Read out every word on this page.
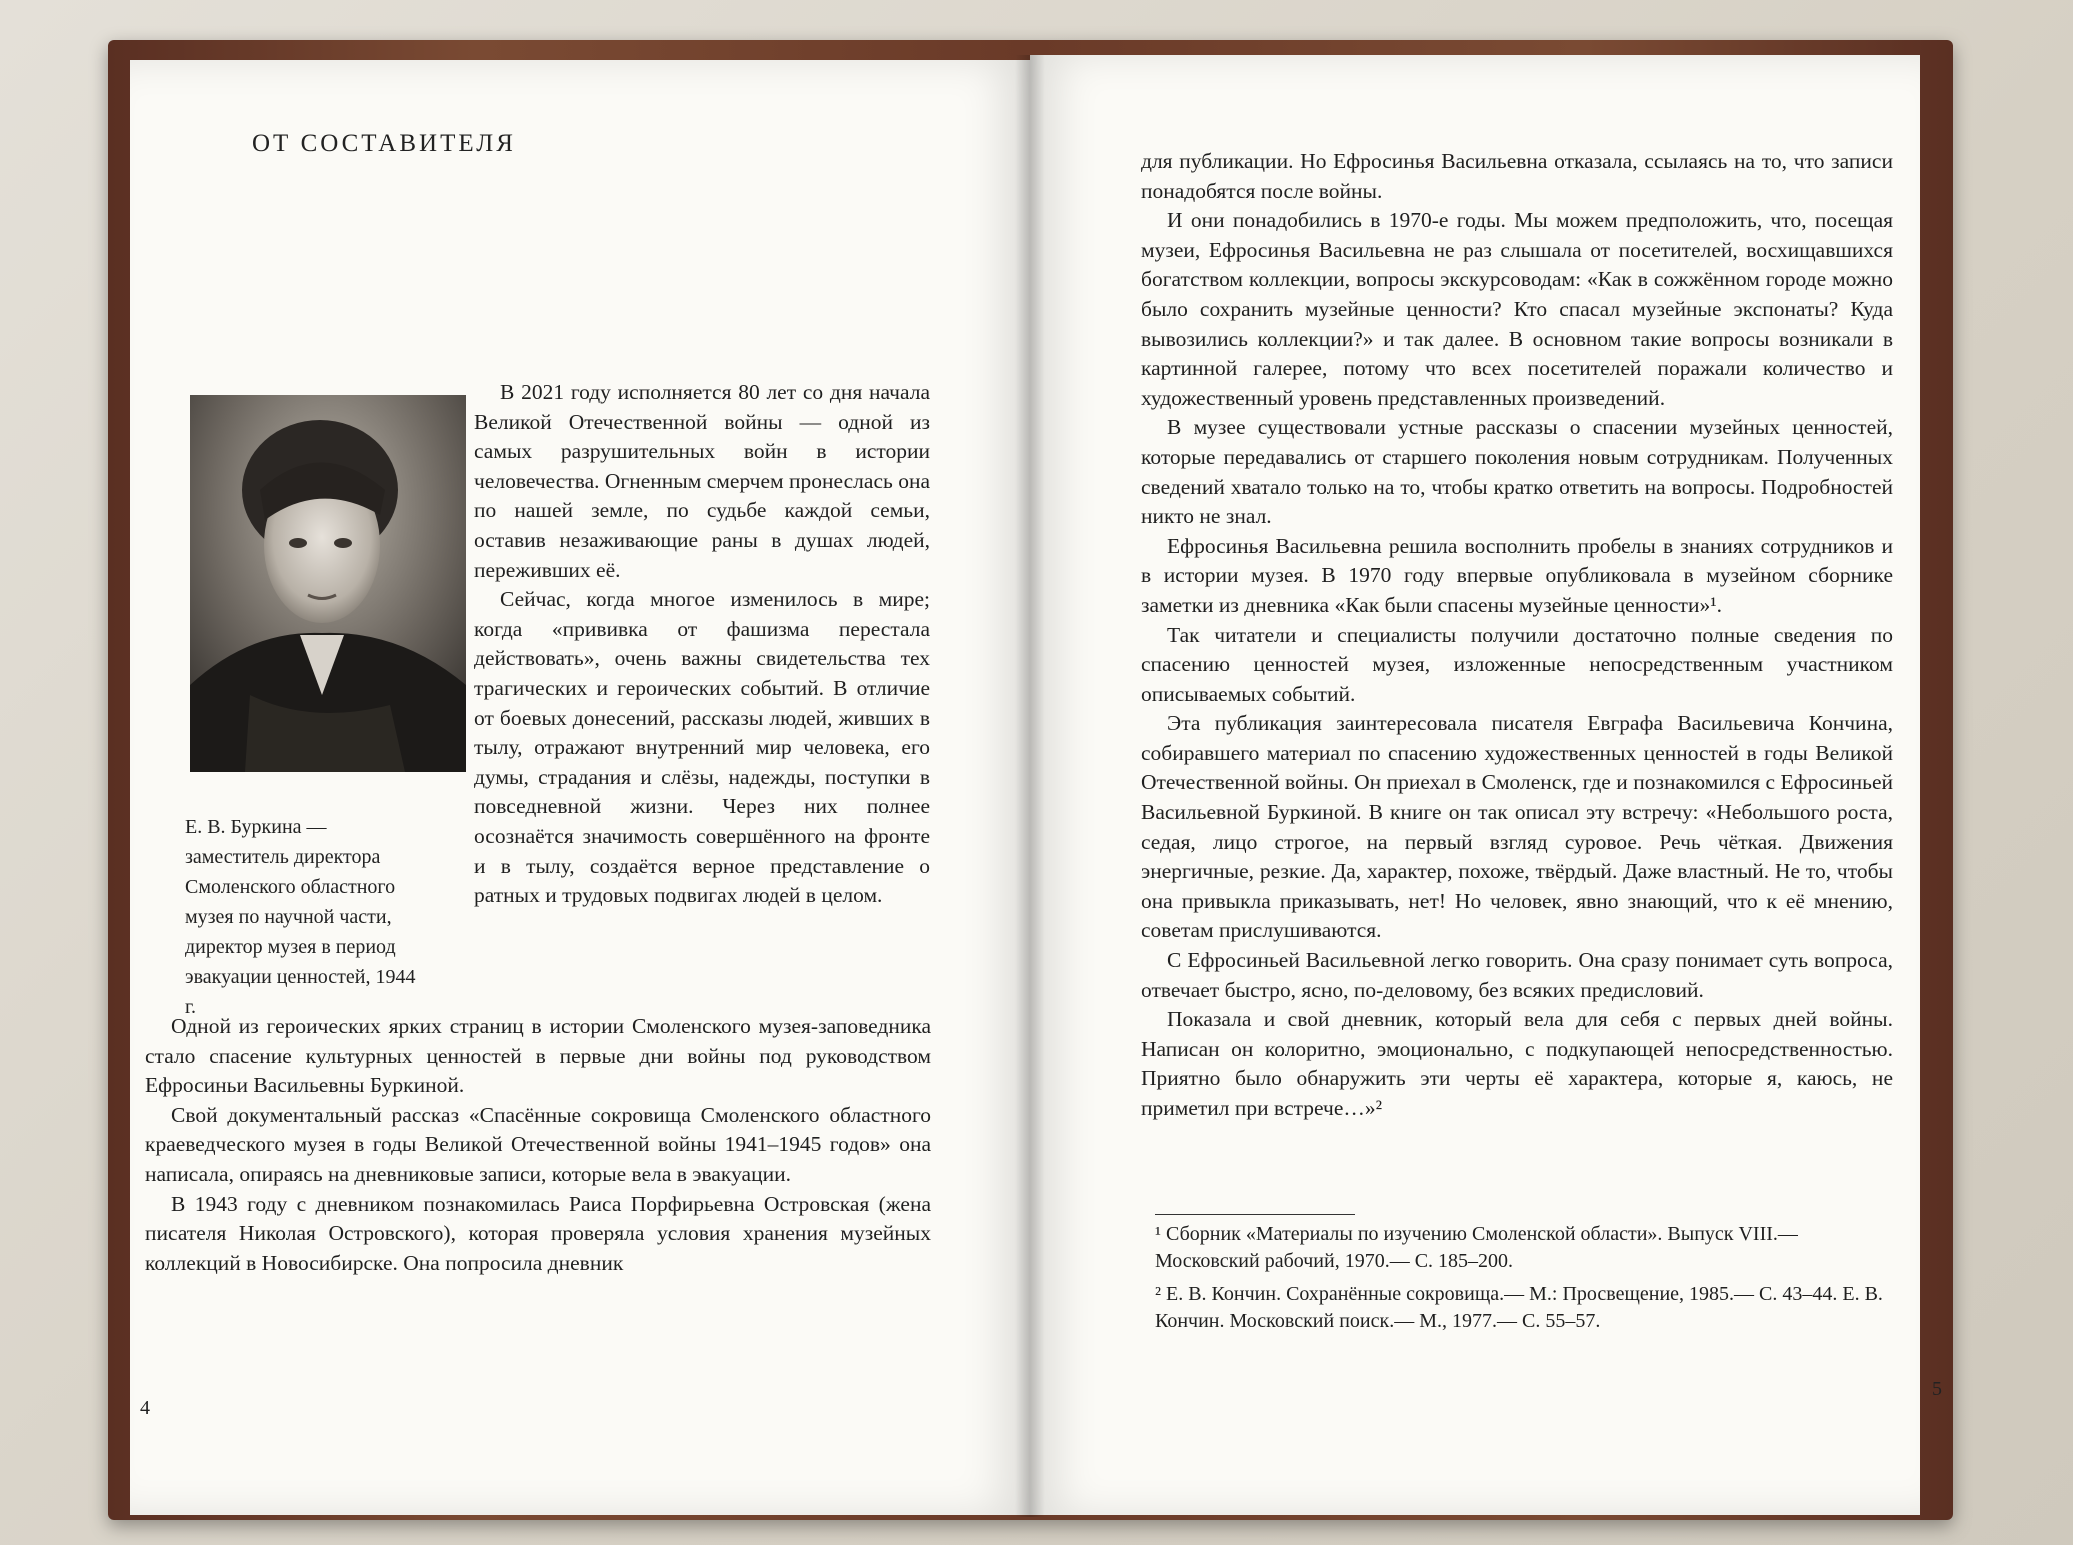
ОТ СОСТАВИТЕЛЯ
Е. В. Буркина — заместитель директора Смоленского областного музея по научной части, директор музея в период эвакуации ценностей, 1944 г.

В 2021 году исполняется 80 лет со дня начала Великой Отечественной войны — одной из самых разрушительных войн в истории человечества. Огненным смерчем пронеслась она по нашей земле, по судьбе каждой семьи, оставив незаживающие раны в душах людей, переживших её.

Сейчас, когда многое изменилось в мире; когда «прививка от фашизма перестала действовать», очень важны свидетельства тех трагических и героических событий. В отличие от боевых донесений, рассказы людей, живших в тылу, отражают внутренний мир человека, его думы, страдания и слёзы, надежды, поступки в повседневной жизни. Через них полнее осознаётся значимость совершённого на фронте и в тылу, создаётся верное представление о ратных и трудовых подвигах людей в целом.

Одной из героических ярких страниц в истории Смоленского музея-заповедника стало спасение культурных ценностей в первые дни войны под руководством Ефросиньи Васильевны Буркиной.

Свой документальный рассказ «Спасённые сокровища Смоленского областного краеведческого музея в годы Великой Отечественной войны 1941–1945 годов» она написала, опираясь на дневниковые записи, которые вела в эвакуации.

В 1943 году с дневником познакомилась Раиса Порфирьевна Островская (жена писателя Николая Островского), которая проверяла условия хранения музейных коллекций в Новосибирске. Она попросила дневник

4

для публикации. Но Ефросинья Васильевна отказала, ссылаясь на то, что записи понадобятся после войны.

И они понадобились в 1970-е годы. Мы можем предположить, что, посещая музеи, Ефросинья Васильевна не раз слышала от посетителей, восхищавшихся богатством коллекции, вопросы экскурсоводам: «Как в сожжённом городе можно было сохранить музейные ценности? Кто спасал музейные экспонаты? Куда вывозились коллекции?» и так далее. В основном такие вопросы возникали в картинной галерее, потому что всех посетителей поражали количество и художественный уровень представленных произведений.

В музее существовали устные рассказы о спасении музейных ценностей, которые передавались от старшего поколения новым сотрудникам. Полученных сведений хватало только на то, чтобы кратко ответить на вопросы. Подробностей никто не знал.

Ефросинья Васильевна решила восполнить пробелы в знаниях сотрудников и в истории музея. В 1970 году впервые опубликовала в музейном сборнике заметки из дневника «Как были спасены музейные ценности»¹.

Так читатели и специалисты получили достаточно полные сведения по спасению ценностей музея, изложенные непосредственным участником описываемых событий.

Эта публикация заинтересовала писателя Евграфа Васильевича Кончина, собиравшего материал по спасению художественных ценностей в годы Великой Отечественной войны. Он приехал в Смоленск, где и познакомился с Ефросиньей Васильевной Буркиной. В книге он так описал эту встречу: «Небольшого роста, седая, лицо строгое, на первый взгляд суровое. Речь чёткая. Движения энергичные, резкие. Да, характер, похоже, твёрдый. Даже властный. Не то, чтобы она привыкла приказывать, нет! Но человек, явно знающий, что к её мнению, советам прислушиваются.

С Ефросиньей Васильевной легко говорить. Она сразу понимает суть вопроса, отвечает быстро, ясно, по-деловому, без всяких предисловий.

Показала и свой дневник, который вела для себя с первых дней войны. Написан он колоритно, эмоционально, с подкупающей непосредственностью. Приятно было обнаружить эти черты её характера, которые я, каюсь, не приметил при встрече…»²

¹ Сборник «Материалы по изучению Смоленской области». Выпуск VIII.— Московский рабочий, 1970.— С. 185–200.

² Е. В. Кончин. Сохранённые сокровища.— М.: Просвещение, 1985.— С. 43–44. Е. В. Кончин. Московский поиск.— М., 1977.— С. 55–57.

5
